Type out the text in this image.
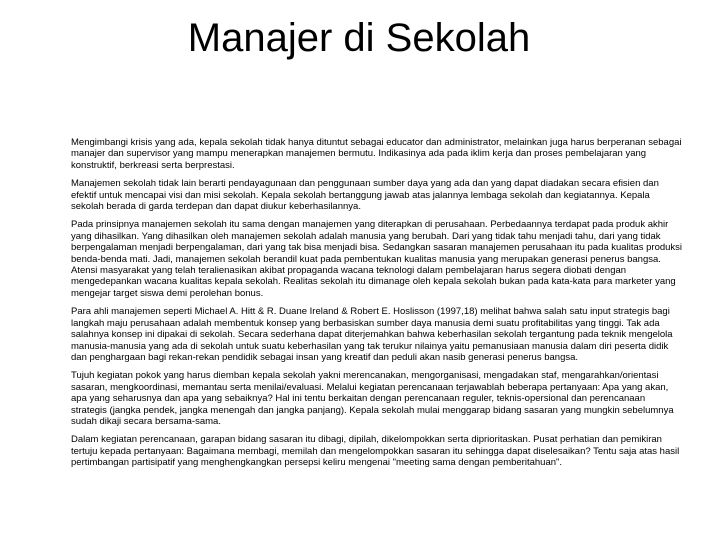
Manajer di Sekolah

Mengimbangi krisis yang ada, kepala sekolah tidak hanya dituntut sebagai educator dan administrator, melainkan juga harus berperanan sebagai manajer dan supervisor yang mampu menerapkan manajemen bermutu. Indikasinya ada pada iklim kerja dan proses pembelajaran yang konstruktif, berkreasi serta berprestasi.

Manajemen sekolah tidak lain berarti pendayagunaan dan penggunaan sumber daya yang ada dan yang dapat diadakan secara efisien dan efektif untuk mencapai visi dan misi sekolah. Kepala sekolah bertanggung jawab atas jalannya lembaga sekolah dan kegiatannya. Kepala sekolah berada di garda terdepan dan dapat diukur keberhasilannya.

Pada prinsipnya manajemen sekolah itu sama dengan manajemen yang diterapkan di perusahaan. Perbedaannya terdapat pada produk akhir yang dihasilkan. Yang dihasilkan oleh manajemen sekolah adalah manusia yang berubah. Dari yang tidak tahu menjadi tahu, dari yang tidak berpengalaman menjadi berpengalaman, dari yang tak bisa menjadi bisa. Sedangkan sasaran manajemen perusahaan itu pada kualitas produksi benda-benda mati. Jadi, manajemen sekolah berandil kuat pada pembentukan kualitas manusia yang merupakan generasi penerus bangsa. Atensi masyarakat yang telah teralienasikan akibat propaganda wacana teknologi dalam pembelajaran harus segera diobati dengan mengedepankan wacana kualitas kepala sekolah. Realitas sekolah itu dimanage oleh kepala sekolah bukan pada kata-kata para marketer yang mengejar target siswa demi perolehan bonus.

Para ahli manajemen seperti Michael A. Hitt & R. Duane Ireland & Robert E. Hoslisson (1997,18) melihat bahwa salah satu input strategis bagi langkah maju perusahaan adalah membentuk konsep yang berbasiskan sumber daya manusia demi suatu profitabilitas yang tinggi. Tak ada salahnya konsep ini dipakai di sekolah. Secara sederhana dapat diterjemahkan bahwa keberhasilan sekolah tergantung pada teknik mengelola manusia-manusia yang ada di sekolah untuk suatu keberhasilan yang tak terukur nilainya yaitu pemanusiaan manusia dalam diri peserta didik dan penghargaan bagi rekan-rekan pendidik sebagai insan yang kreatif dan peduli akan nasib generasi penerus bangsa.

Tujuh kegiatan pokok yang harus diemban kepala sekolah yakni merencanakan, mengorganisasi, mengadakan staf, mengarahkan/orientasi sasaran, mengkoordinasi, memantau serta menilai/evaluasi. Melalui kegiatan perencanaan terjawablah beberapa pertanyaan: Apa yang akan, apa yang seharusnya dan apa yang sebaiknya? Hal ini tentu berkaitan dengan perencanaan reguler, teknis-opersional dan perencanaan strategis (jangka pendek, jangka menengah dan jangka panjang). Kepala sekolah mulai menggarap bidang sasaran yang mungkin sebelumnya sudah dikaji secara bersama-sama.

Dalam kegiatan perencanaan, garapan bidang sasaran itu dibagi, dipilah, dikelompokkan serta diprioritaskan. Pusat perhatian dan pemikiran tertuju kepada pertanyaan: Bagaimana membagi, memilah dan mengelompokkan sasaran itu sehingga dapat diselesaikan? Tentu saja atas hasil pertimbangan partisipatif yang menghengkangkan persepsi keliru mengenai "meeting sama dengan pemberitahuan".
